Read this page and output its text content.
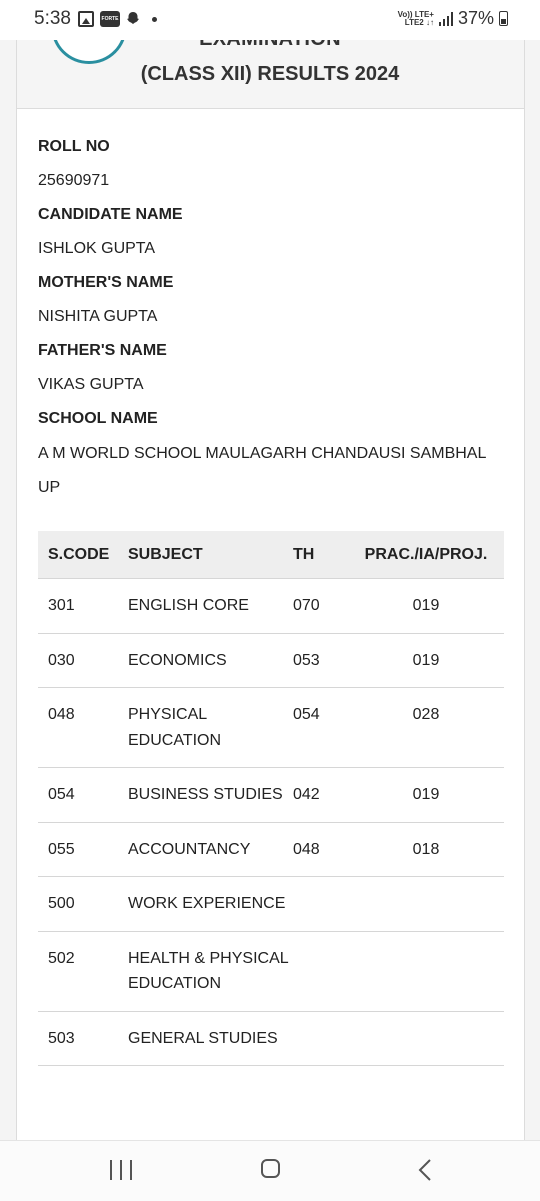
5:38	FORTE
Vo)) LTE+
LTE2 ↓↑ 37%
(CLASS XII) RESULTS 2024
ROLL NO
25690971
CANDIDATE NAME
ISHLOK GUPTA
MOTHER'S NAME
NISHITA GUPTA
FATHER'S NAME
VIKAS GUPTA
SCHOOL NAME
A M WORLD SCHOOL MAULAGARH CHANDAUSI SAMBHAL
UP
S.CODE	SUBJECT	TH	PRAC./IA/PROJ.
301	ENGLISH CORE	070	019
030	ECONOMICS	053	019
048	PHYSICAL EDUCATION	054	028
054	BUSINESS STUDIES	042	019
055	ACCOUNTANCY	048	018
500	WORK EXPERIENCE		
502	HEALTH & PHYSICAL EDUCATION		
503	GENERAL STUDIES		
